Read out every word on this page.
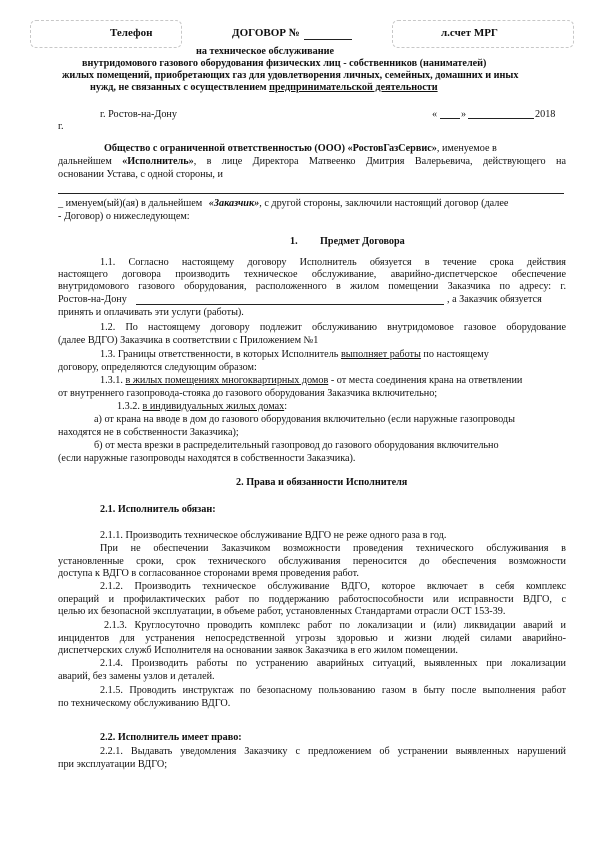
Телефон	ДОГОВОР №	л.счет МРГ
на техническое обслуживание
внутридомового газового оборудования физических лиц - собственников (нанимателей)
жилых помещений, приобретающих газ для удовлетворения личных, семейных, домашних и иных
нужд, не связанных с осуществлением предпринимательской деятельности
г. Ростов-на-Дону	« »	2018
г.
Общество с ограниченной ответственностью (ООО) «РостовГазСервис», именуемое в
дальнейшем «Исполнитель», в лице Директора Матвеенко Дмитрия Валерьевича, действующего на
основании Устава, с одной стороны, и
_ именуем(ый)(ая) в дальнейшем «Заказчик», с другой стороны, заключили настоящий договор (далее
- Договор) о нижеследующем:
1. Предмет Договора
1.1. Согласно настоящему договору Исполнитель обязуется в течение срока действия
настоящего договора производить техническое обслуживание, аварийно-диспетчерское обеспечение
внутридомового газового оборудования, расположенного в жилом помещении Заказчика по адресу: г.
Ростов-на-Дону	, а Заказчик обязуется
принять и оплачивать эти услуги (работы).
1.2. По настоящему договору подлежит обслуживанию внутридомовое газовое оборудование
(далее ВДГО) Заказчика в соответствии с Приложением №1
1.3. Границы ответственности, в которых Исполнитель выполняет работы по настоящему
договору, определяются следующим образом:
1.3.1. в жилых помещениях многоквартирных домов - от места соединения крана на ответвлении
от внутреннего газопровода-стояка до газового оборудования Заказчика включительно;
1.3.2. в индивидуальных жилых домах:
а) от крана на вводе в дом до газового оборудования включительно (если наружные газопроводы
находятся не в собственности Заказчика);
б) от места врезки в распределительный газопровод до газового оборудования включительно
(если наружные газопроводы находятся в собственности Заказчика).
2. Права и обязанности Исполнителя
2.1. Исполнитель обязан:
2.1.1. Производить техническое обслуживание ВДГО не реже одного раза в год.
При не обеспечении Заказчиком возможности проведения технического обслуживания в
установленные сроки, срок технического обслуживания переносится до обеспечения возможности
доступа к ВДГО в согласованное сторонами время проведения работ.
2.1.2. Производить техническое обслуживание ВДГО, которое включает в себя комплекс
операций и профилактических работ по поддержанию работоспособности или исправности ВДГО, с
целью их безопасной эксплуатации, в объеме работ, установленных Стандартами отрасли ОСТ 153-39.
2.1.3. Круглосуточно проводить комплекс работ по локализации и (или) ликвидации аварий и
инцидентов для устранения непосредственной угрозы здоровью и жизни людей силами аварийно-
диспетчерских служб Исполнителя на основании заявок Заказчика в его жилом помещении.
2.1.4. Производить работы по устранению аварийных ситуаций, выявленных при локализации
аварий, без замены узлов и деталей.
2.1.5. Проводить инструктаж по безопасному пользованию газом в быту после выполнения работ
по техническому обслуживанию ВДГО.
2.2. Исполнитель имеет право:
2.2.1. Выдавать уведомления Заказчику с предложением об устранении выявленных нарушений
при эксплуатации ВДГО;
